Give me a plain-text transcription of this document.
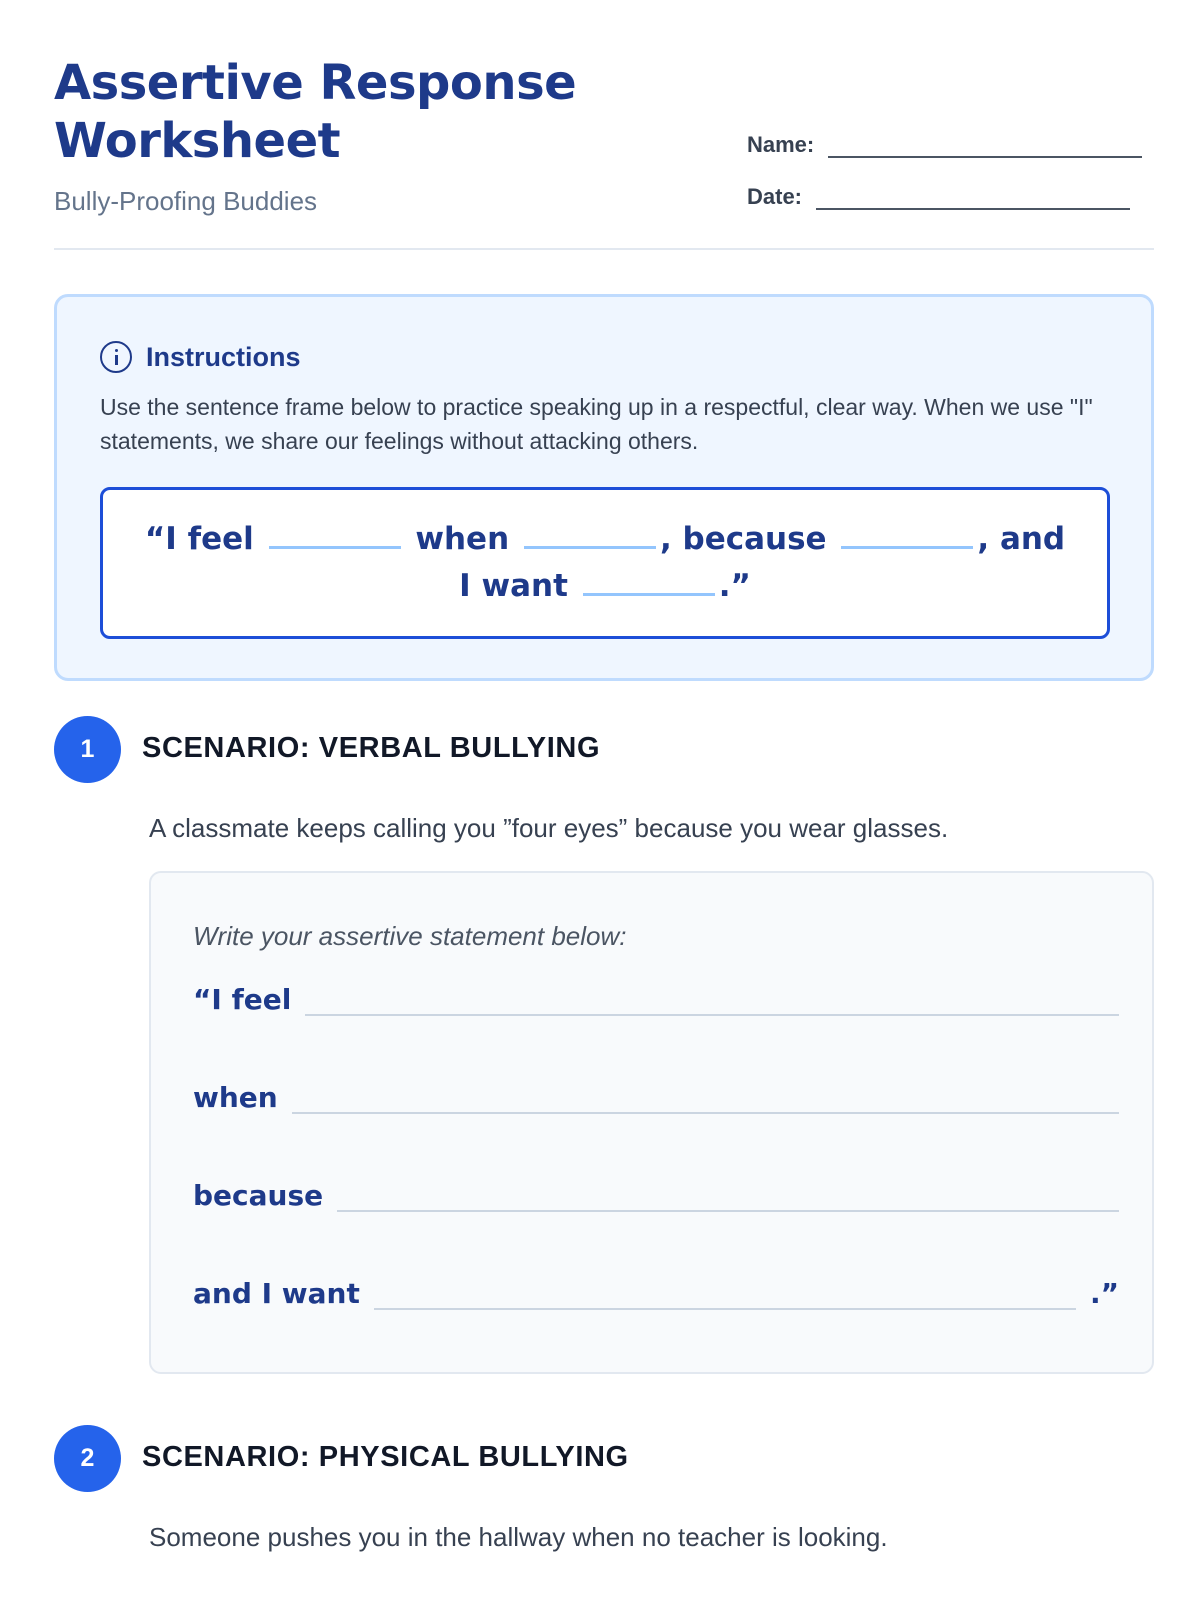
Assertive Response Worksheet
Bully-Proofing Buddies
Name:
Date:
Instructions

Use the sentence frame below to practice speaking up in a respectful, clear way. When we use "I" statements, we share our feelings without attacking others.

“I feel	when	, because	, and I want	.”
1	SCENARIO: VERBAL BULLYING

A classmate keeps calling you ”four eyes” because you wear glasses.

Write your assertive statement below:
“I feel
when
because
and I want	.”
2	SCENARIO: PHYSICAL BULLYING

Someone pushes you in the hallway when no teacher is looking.
